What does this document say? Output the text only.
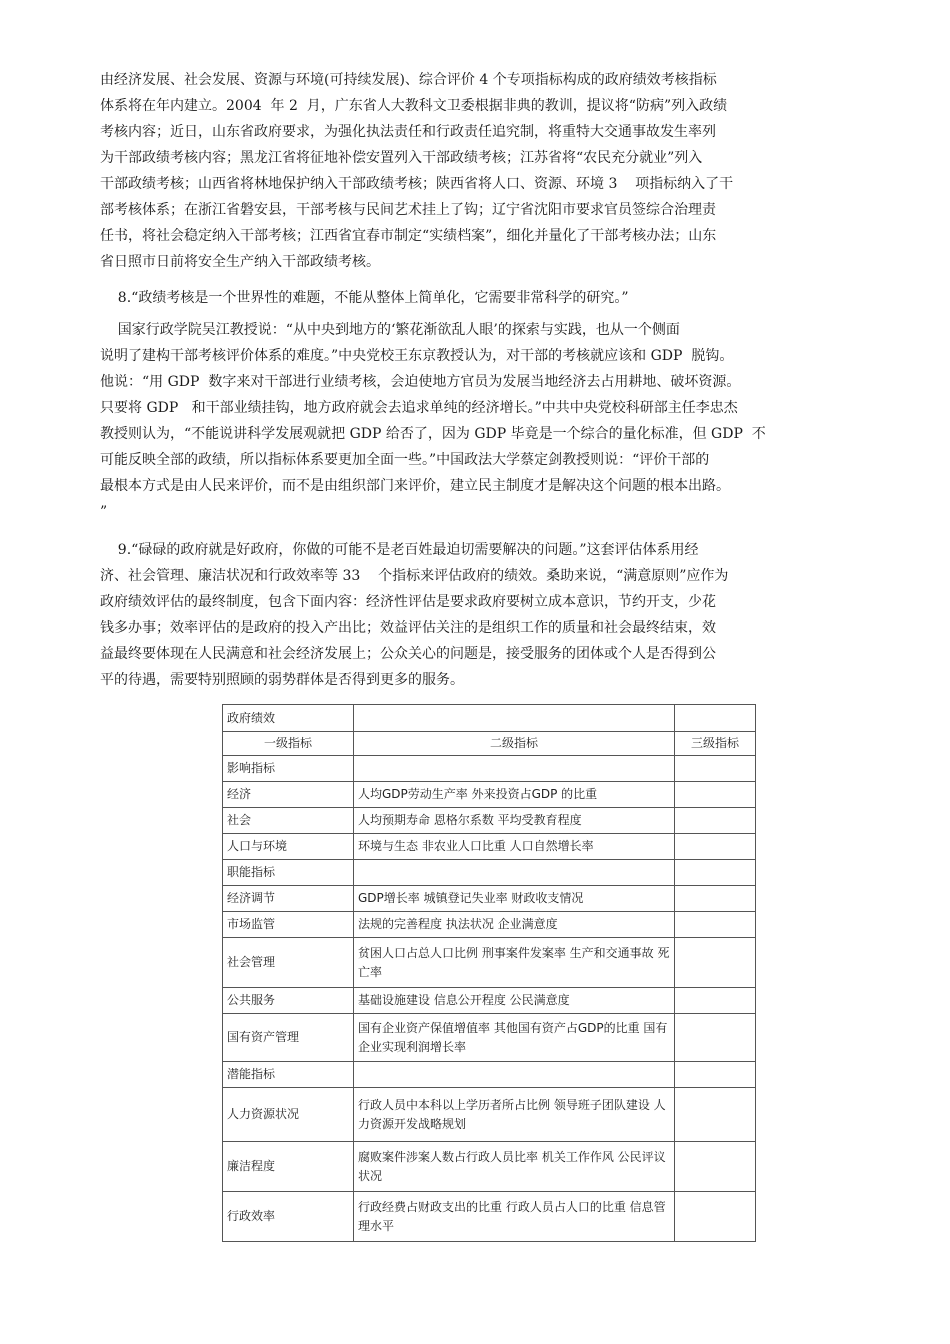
由经济发展、社会发展、资源与环境(可持续发展)、综合评价 4 个专项指标构成的政府绩效考核指标
体系将在年内建立。2004  年 2  月，广东省人大教科文卫委根据非典的教训，提议将“防病”列入政绩
考核内容；近日，山东省政府要求，为强化执法责任和行政责任追究制，将重特大交通事故发生率列
为干部政绩考核内容；黑龙江省将征地补偿安置列入干部政绩考核；江苏省将“农民充分就业”列入
干部政绩考核；山西省将林地保护纳入干部政绩考核；陕西省将人口、资源、环境 3    项指标纳入了干
部考核体系；在浙江省磐安县，干部考核与民间艺术挂上了钩；辽宁省沈阳市要求官员签综合治理责
任书，将社会稳定纳入干部考核；江西省宜春市制定“实绩档案”，细化并量化了干部考核办法；山东
省日照市日前将安全生产纳入干部政绩考核。
8.“政绩考核是一个世界性的难题，不能从整体上简单化，它需要非常科学的研究。”
国家行政学院吴江教授说：“从中央到地方的‘繁花渐欲乱人眼’的探索与实践，也从一个侧面
说明了建构干部考核评价体系的难度。”中央党校王东京教授认为，对干部的考核就应该和 GDP  脱钩。
他说：“用 GDP  数字来对干部进行业绩考核，会迫使地方官员为发展当地经济去占用耕地、破坏资源。
只要将 GDP   和干部业绩挂钩，地方政府就会去追求单纯的经济增长。”中共中央党校科研部主任李忠杰
教授则认为，“不能说讲科学发展观就把 GDP 给否了，因为 GDP 毕竟是一个综合的量化标准，但 GDP  不
可能反映全部的政绩，所以指标体系要更加全面一些。”中国政法大学蔡定剑教授则说：“评价干部的
最根本方式是由人民来评价，而不是由组织部门来评价，建立民主制度才是解决这个问题的根本出路。
”
9.“碌碌的政府就是好政府，你做的可能不是老百姓最迫切需要解决的问题。”这套评估体系用经
济、社会管理、廉洁状况和行政效率等 33    个指标来评估政府的绩效。桑助来说，“满意原则”应作为
政府绩效评估的最终制度，包含下面内容：经济性评估是要求政府要树立成本意识，节约开支，少花
钱多办事；效率评估的是政府的投入产出比；效益评估关注的是组织工作的质量和社会最终结束，效
益最终要体现在人民满意和社会经济发展上；公众关心的问题是，接受服务的团体或个人是否得到公
平的待遇，需要特别照顾的弱势群体是否得到更多的服务。
政府绩效		
一级指标	二级指标	三级指标
影响指标		
经济	人均GDP劳动生产率 外来投资占GDP 的比重	
社会	人均预期寿命 恩格尔系数 平均受教育程度	
人口与环境	环境与生态 非农业人口比重 人口自然增长率	
职能指标		
经济调节	GDP增长率 城镇登记失业率 财政收支情况	
市场监管	法规的完善程度 执法状况 企业满意度	
社会管理	贫困人口占总人口比例 刑事案件发案率 生产和交通事故 死亡率	
公共服务	基础设施建设 信息公开程度 公民满意度	
国有资产管理	国有企业资产保值增值率 其他国有资产占GDP的比重 国有企业实现利润增长率	
潜能指标		
人力资源状况	行政人员中本科以上学历者所占比例 领导班子团队建设 人力资源开发战略规划	
廉洁程度	腐败案件涉案人数占行政人员比率 机关工作作风 公民评议状况	
行政效率	行政经费占财政支出的比重 行政人员占人口的比重 信息管理水平	
